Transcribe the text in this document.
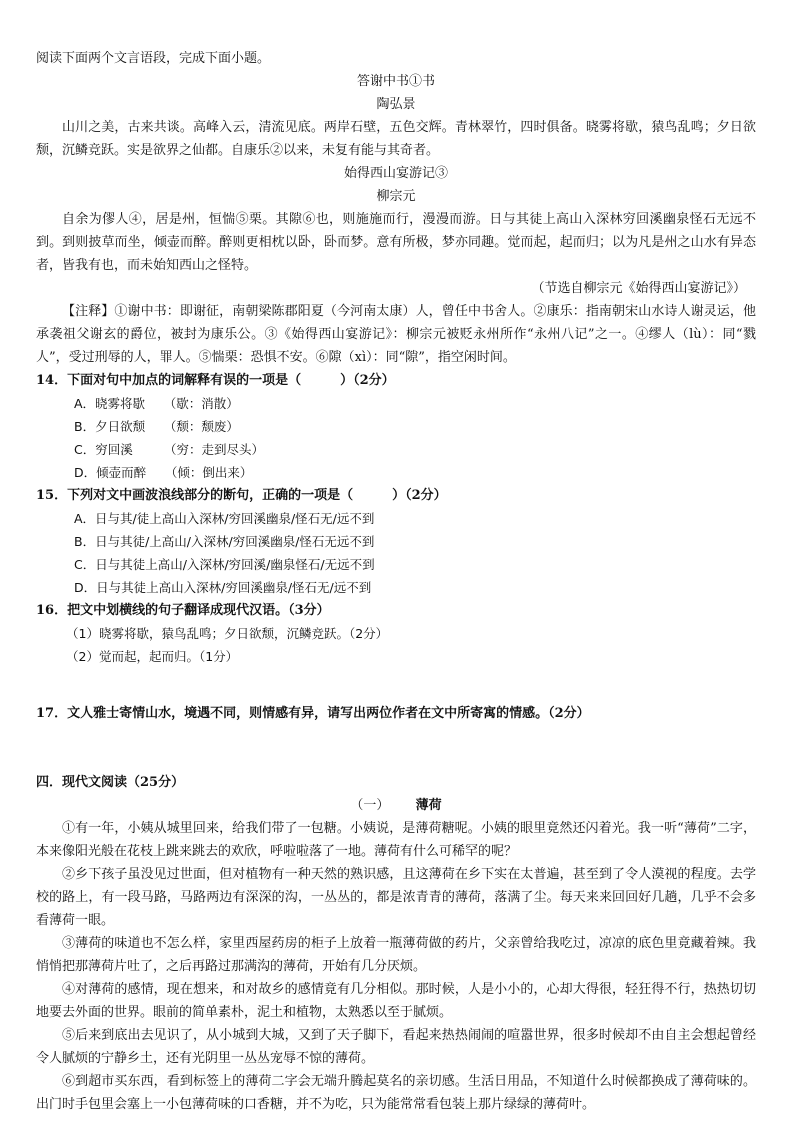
阅读下面两个文言语段，完成下面小题。

答谢中书①书

陶弘景

山川之美，古来共谈。高峰入云，清流见底。两岸石壁，五色交辉。青林翠竹，四时俱备。晓雾将歇，猿鸟乱鸣；夕日欲颓，沉鳞竞跃。实是欲界之仙都。自康乐②以来，未复有能与其奇者。

始得西山宴游记③

柳宗元

自余为僇人④，居是州，恒惴⑤栗。其隙⑥也，则施施而行，漫漫而游。日与其徒上高山入深林穷回溪幽泉怪石无远不到。到则披草而坐，倾壶而醉。醉则更相枕以卧，卧而梦。意有所极，梦亦同趣。觉而起，起而归；以为凡是州之山水有异态者，皆我有也，而未始知西山之怪特。

（节选自柳宗元《始得西山宴游记》）

【注释】①谢中书：即谢征，南朝梁陈郡阳夏（今河南太康）人，曾任中书舍人。②康乐：指南朝宋山水诗人谢灵运，他承袭祖父谢玄的爵位，被封为康乐公。③《始得西山宴游记》：柳宗元被贬永州所作“永州八记”之一。④缪人（lù）：同“戮人”，受过刑辱的人，罪人。⑤惴栗：恐惧不安。⑥隙（xì）：同“隙”，指空闲时间。

14．下面对句中加点的词解释有误的一项是（　　　）（2分）

A．晓雾将歇　　（歇：消散）

B．夕日欲颓　　（颓：颓废）

C．穷回溪　　　（穷：走到尽头）

D．倾壶而醉　　（倾：倒出来）

15．下列对文中画波浪线部分的断句，正确的一项是（　　　）（2分）

A．日与其/徒上高山入深林/穷回溪幽泉/怪石无/远不到

B．日与其徒/上高山/入深林/穷回溪幽泉/怪石无远不到

C．日与其徒上高山/入深林/穷回溪/幽泉怪石/无远不到

D．日与其徒上高山入深林/穷回溪幽泉/怪石无/远不到

16．把文中划横线的句子翻译成现代汉语。（3分）

（1）晓雾将歇，猿鸟乱鸣；夕日欲颓，沉鳞竞跃。（2分）

（2）觉而起，起而归。（1分）

17．文人雅士寄情山水，境遇不同，则情感有异，请写出两位作者在文中所寄寓的情感。（2分）

四．现代文阅读（25分）

（一） 薄荷

①有一年，小姨从城里回来，给我们带了一包糖。小姨说，是薄荷糖呢。小姨的眼里竟然还闪着光。我一听“薄荷”二字，本来像阳光般在花枝上跳来跳去的欢欣，呼啦啦落了一地。薄荷有什么可稀罕的呢？

②乡下孩子虽没见过世面，但对植物有一种天然的熟识感，且这薄荷在乡下实在太普遍，甚至到了令人漠视的程度。去学校的路上，有一段马路，马路两边有深深的沟，一丛丛的，都是浓青青的薄荷，落满了尘。每天来来回回好几趟，几乎不会多看薄荷一眼。

③薄荷的味道也不怎么样，家里西屋药房的柜子上放着一瓶薄荷做的药片，父亲曾给我吃过，凉凉的底色里竟藏着辣。我悄悄把那薄荷片吐了，之后再路过那满沟的薄荷，开始有几分厌烦。

④对薄荷的感情，现在想来，和对故乡的感情竟有几分相似。那时候，人是小小的，心却大得很，轻狂得不行，热热切切地要去外面的世界。眼前的简单素朴，泥土和植物，太熟悉以至于腻烦。

⑤后来到底出去见识了，从小城到大城，又到了天子脚下，看起来热热闹闹的喧嚣世界，很多时候却不由自主会想起曾经令人腻烦的宁静乡土，还有光阴里一丛丛宠辱不惊的薄荷。

⑥到超市买东西，看到标签上的薄荷二字会无端升腾起莫名的亲切感。生活日用品，不知道什么时候都换成了薄荷味的。出门时手包里会塞上一小包薄荷味的口香糖，并不为吃，只为能常常看包装上那片绿绿的薄荷叶。
